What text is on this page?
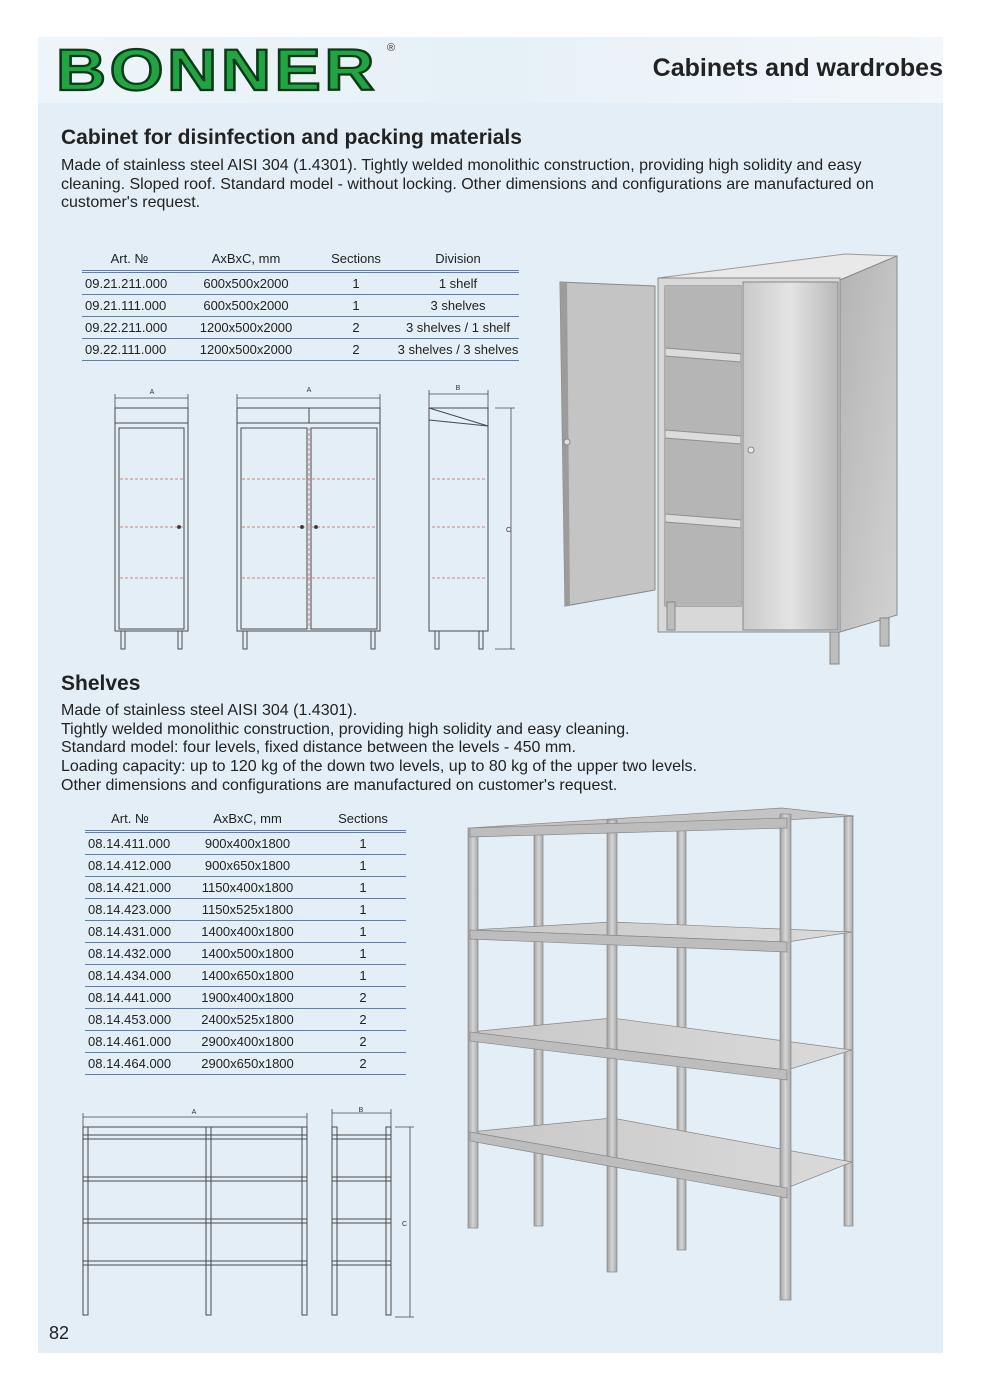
BONNER ®
Cabinets and wardrobes
Cabinet for disinfection and packing materials

Made of stainless steel AISI 304 (1.4301). Tightly welded monolithic construction, providing high solidity and easy

cleaning. Sloped roof. Standard model - without locking. Other dimensions and configurations are manufactured on

customer's request.

Art. №	AxBxC, mm	Sections	Division
09.21.211.000	600x500x2000	1	1 shelf
09.21.111.000	600x500x2000	1	3 shelves
09.22.211.000	1200x500x2000	2	3 shelves / 1 shelf
09.22.111.000	1200x500x2000	2	3 shelves / 3 shelves
A	A	B
C
Shelves

Made of stainless steel AISI 304 (1.4301).

Tightly welded monolithic construction, providing high solidity and easy cleaning.

Standard model: four levels, fixed distance between the levels - 450 mm.

Loading capacity: up to 120 kg of the down two levels, up to 80 kg of the upper two levels.

Other dimensions and configurations are manufactured on customer's request.

Art. №	AxBxC, mm	Sections
08.14.411.000	900x400x1800	1
08.14.412.000	900x650x1800	1
08.14.421.000	1150x400x1800	1
08.14.423.000	1150x525x1800	1
08.14.431.000	1400x400x1800	1
08.14.432.000	1400x500x1800	1
08.14.434.000	1400x650x1800	1
08.14.441.000	1900x400x1800	2
08.14.453.000	2400x525x1800	2
08.14.461.000	2900x400x1800	2
08.14.464.000	2900x650x1800	2
A	B
C
82
